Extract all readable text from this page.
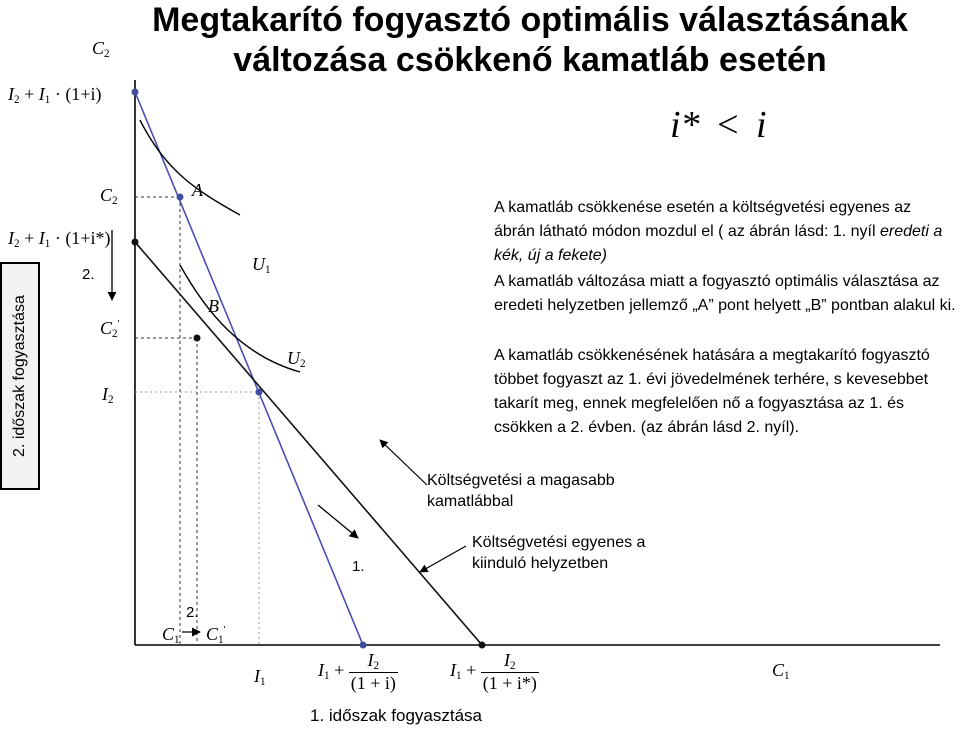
Megtakarító fogyasztó optimális választásának
változása csökkenő kamatláb esetén
i* < i
$C_2$
$I_2 + I_1 \cdot (1+i)$
$I_2 + I_1 \cdot (1+i*)$
$C_2$
2.
$C_2'$
$I_2$
A
B
$U_1$
$U_2$
1.
2.
$C_1$ $C_1'$
$I_1$
$I_1 + \frac{I_2}{(1 + i)}$	$I_1 + \frac{I_2}{(1 + i*)}$	$C_1$
2. időszak fogyasztása
1. időszak fogyasztása
A kamatláb csökkenése esetén a költségvetési egyenes az ábrán látható módon mozdul el ( az ábrán lásd: 1. nyíl eredeti a kék, új a fekete)
A kamatláb változása miatt a fogyasztó optimális választása az eredeti helyzetben jellemző „A” pont helyett „B” pontban alakul ki.
A kamatláb csökkenésének hatására a megtakarító fogyasztó többet fogyaszt az 1. évi jövedelmének terhére, s kevesebbet takarít meg, ennek megfelelően nő a fogyasztása az 1. és csökken a 2. évben. (az ábrán lásd 2. nyíl).
Költségvetési a magasabb kamatlábbal
Költségvetési egyenes a kiinduló helyzetben
